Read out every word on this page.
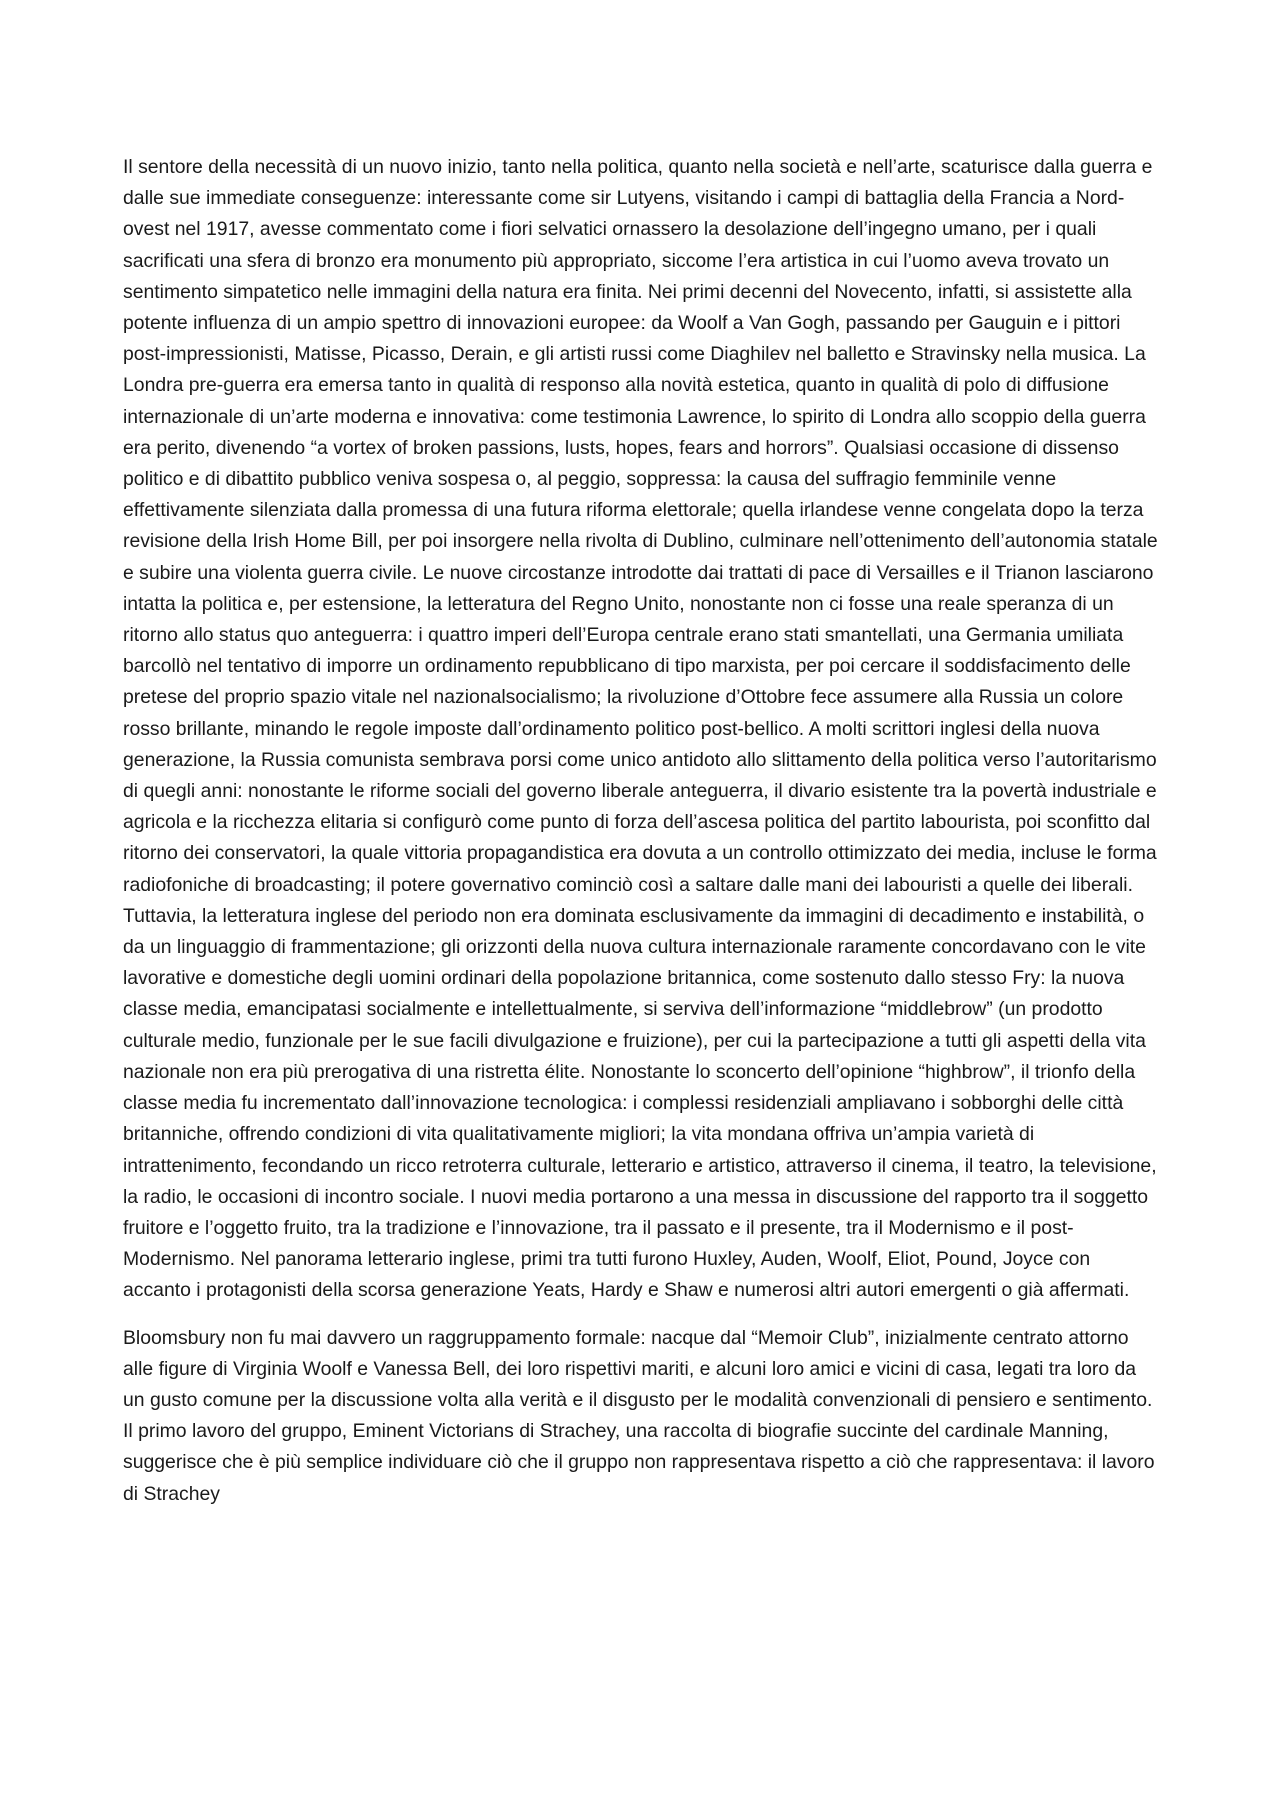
Il sentore della necessità di un nuovo inizio, tanto nella politica, quanto nella società e nell’arte, scaturisce dalla guerra e dalle sue immediate conseguenze: interessante come sir Lutyens, visitando i campi di battaglia della Francia a Nord-ovest nel 1917, avesse commentato come i fiori selvatici ornassero la desolazione dell’ingegno umano, per i quali sacrificati una sfera di bronzo era monumento più appropriato, siccome l’era artistica in cui l’uomo aveva trovato un sentimento simpatetico nelle immagini della natura era finita. Nei primi decenni del Novecento, infatti, si assistette alla potente influenza di un ampio spettro di innovazioni europee: da Woolf a Van Gogh, passando per Gauguin e i pittori post-impressionisti, Matisse, Picasso, Derain, e gli artisti russi come Diaghilev nel balletto e Stravinsky nella musica. La Londra pre-guerra era emersa tanto in qualità di responso alla novità estetica, quanto in qualità di polo di diffusione internazionale di un’arte moderna e innovativa: come testimonia Lawrence, lo spirito di Londra allo scoppio della guerra era perito, divenendo “a vortex of broken passions, lusts, hopes, fears and horrors”. Qualsiasi occasione di dissenso politico e di dibattito pubblico veniva sospesa o, al peggio, soppressa: la causa del suffragio femminile venne effettivamente silenziata dalla promessa di una futura riforma elettorale; quella irlandese venne congelata dopo la terza revisione della Irish Home Bill, per poi insorgere nella rivolta di Dublino, culminare nell’ottenimento dell’autonomia statale e subire una violenta guerra civile. Le nuove circostanze introdotte dai trattati di pace di Versailles e il Trianon lasciarono intatta la politica e, per estensione, la letteratura del Regno Unito, nonostante non ci fosse una reale speranza di un ritorno allo status quo anteguerra: i quattro imperi dell’Europa centrale erano stati smantellati, una Germania umiliata barcollò nel tentativo di imporre un ordinamento repubblicano di tipo marxista, per poi cercare il soddisfacimento delle pretese del proprio spazio vitale nel nazionalsocialismo; la rivoluzione d’Ottobre fece assumere alla Russia un colore rosso brillante, minando le regole imposte dall’ordinamento politico post-bellico. A molti scrittori inglesi della nuova generazione, la Russia comunista sembrava porsi come unico antidoto allo slittamento della politica verso l’autoritarismo di quegli anni: nonostante le riforme sociali del governo liberale anteguerra, il divario esistente tra la povertà industriale e agricola e la ricchezza elitaria si configurò come punto di forza dell’ascesa politica del partito labourista, poi sconfitto dal ritorno dei conservatori, la quale vittoria propagandistica era dovuta a un controllo ottimizzato dei media, incluse le forma radiofoniche di broadcasting; il potere governativo cominciò così a saltare dalle mani dei labouristi a quelle dei liberali. Tuttavia, la letteratura inglese del periodo non era dominata esclusivamente da immagini di decadimento e instabilità, o da un linguaggio di frammentazione; gli orizzonti della nuova cultura internazionale raramente concordavano con le vite lavorative e domestiche degli uomini ordinari della popolazione britannica, come sostenuto dallo stesso Fry: la nuova classe media, emancipatasi socialmente e intellettualmente, si serviva dell’informazione “middlebrow” (un prodotto culturale medio, funzionale per le sue facili divulgazione e fruizione), per cui la partecipazione a tutti gli aspetti della vita nazionale non era più prerogativa di una ristretta élite. Nonostante lo sconcerto dell’opinione “highbrow”, il trionfo della classe media fu incrementato dall’innovazione tecnologica: i complessi residenziali ampliavano i sobborghi delle città britanniche, offrendo condizioni di vita qualitativamente migliori; la vita mondana offriva un’ampia varietà di intrattenimento, fecondando un ricco retroterra culturale, letterario e artistico, attraverso il cinema, il teatro, la televisione, la radio, le occasioni di incontro sociale. I nuovi media portarono a una messa in discussione del rapporto tra il soggetto fruitore e l’oggetto fruito, tra la tradizione e l’innovazione, tra il passato e il presente, tra il Modernismo e il post-Modernismo. Nel panorama letterario inglese, primi tra tutti furono Huxley, Auden, Woolf, Eliot, Pound, Joyce con accanto i protagonisti della scorsa generazione Yeats, Hardy e Shaw e numerosi altri autori emergenti o già affermati.

Bloomsbury non fu mai davvero un raggruppamento formale: nacque dal “Memoir Club”, inizialmente centrato attorno alle figure di Virginia Woolf e Vanessa Bell, dei loro rispettivi mariti, e alcuni loro amici e vicini di casa, legati tra loro da un gusto comune per la discussione volta alla verità e il disgusto per le modalità convenzionali di pensiero e sentimento. Il primo lavoro del gruppo, Eminent Victorians di Strachey, una raccolta di biografie succinte del cardinale Manning, suggerisce che è più semplice individuare ciò che il gruppo non rappresentava rispetto a ciò che rappresentava: il lavoro di Strachey
